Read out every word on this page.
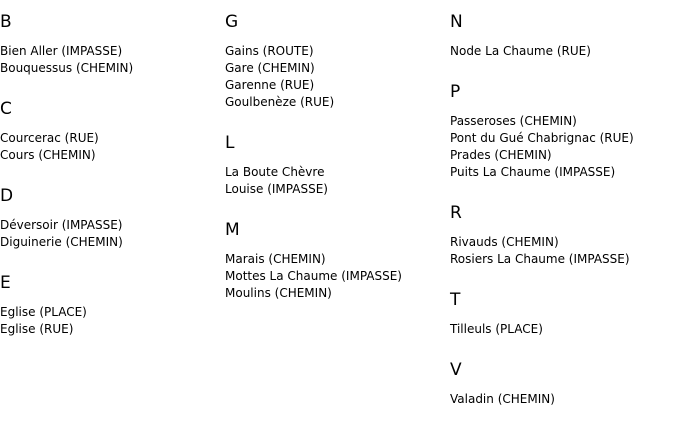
B
Bien Aller (IMPASSE)
Bouquessus (CHEMIN)
C
Courcerac (RUE)
Cours (CHEMIN)
D
Déversoir (IMPASSE)
Diguinerie (CHEMIN)
E
Eglise (PLACE)
Eglise (RUE)
G
Gains (ROUTE)
Gare (CHEMIN)
Garenne (RUE)
Goulbenèze (RUE)
L
La Boute Chèvre
Louise (IMPASSE)
M
Marais (CHEMIN)
Mottes La Chaume (IMPASSE)
Moulins (CHEMIN)
N
Node La Chaume (RUE)
P
Passeroses (CHEMIN)
Pont du Gué Chabrignac (RUE)
Prades (CHEMIN)
Puits La Chaume (IMPASSE)
R
Rivauds (CHEMIN)
Rosiers La Chaume (IMPASSE)
T
Tilleuls (PLACE)
V
Valadin (CHEMIN)
